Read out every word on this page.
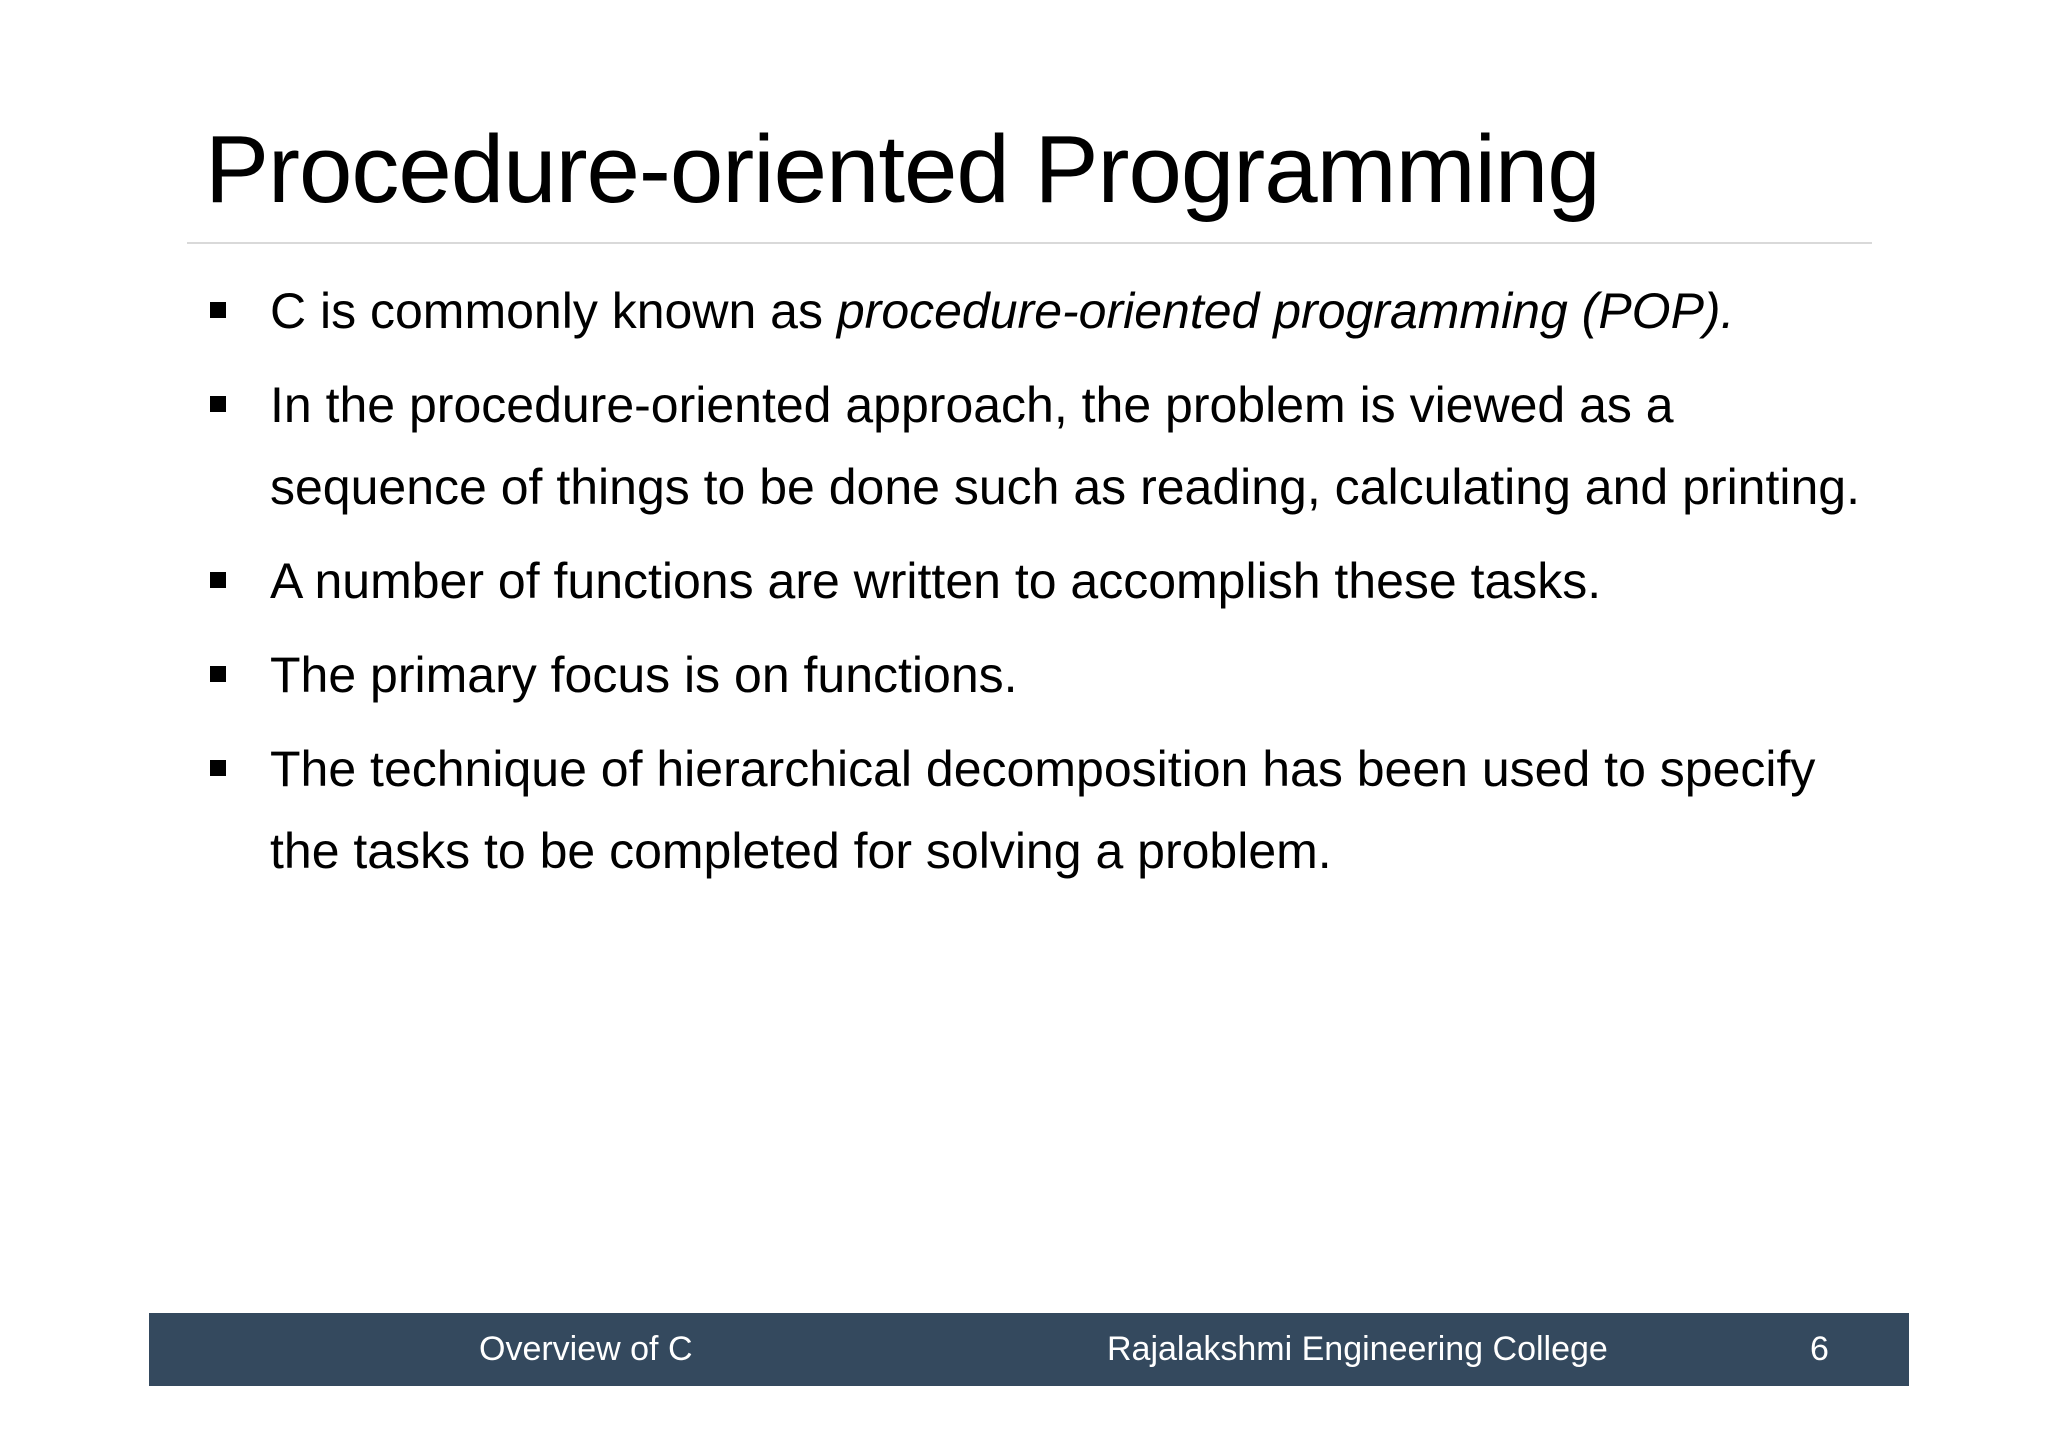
Procedure-oriented Programming
C is commonly known as procedure-oriented programming (POP).
In the procedure-oriented approach, the problem is viewed as a sequence of things to be done such as reading, calculating and printing.
A number of functions are written to accomplish these tasks.
The primary focus is on functions.
The technique of hierarchical decomposition has been used to specify the tasks to be completed for solving a problem.
Overview of C	Rajalakshmi Engineering College	6
